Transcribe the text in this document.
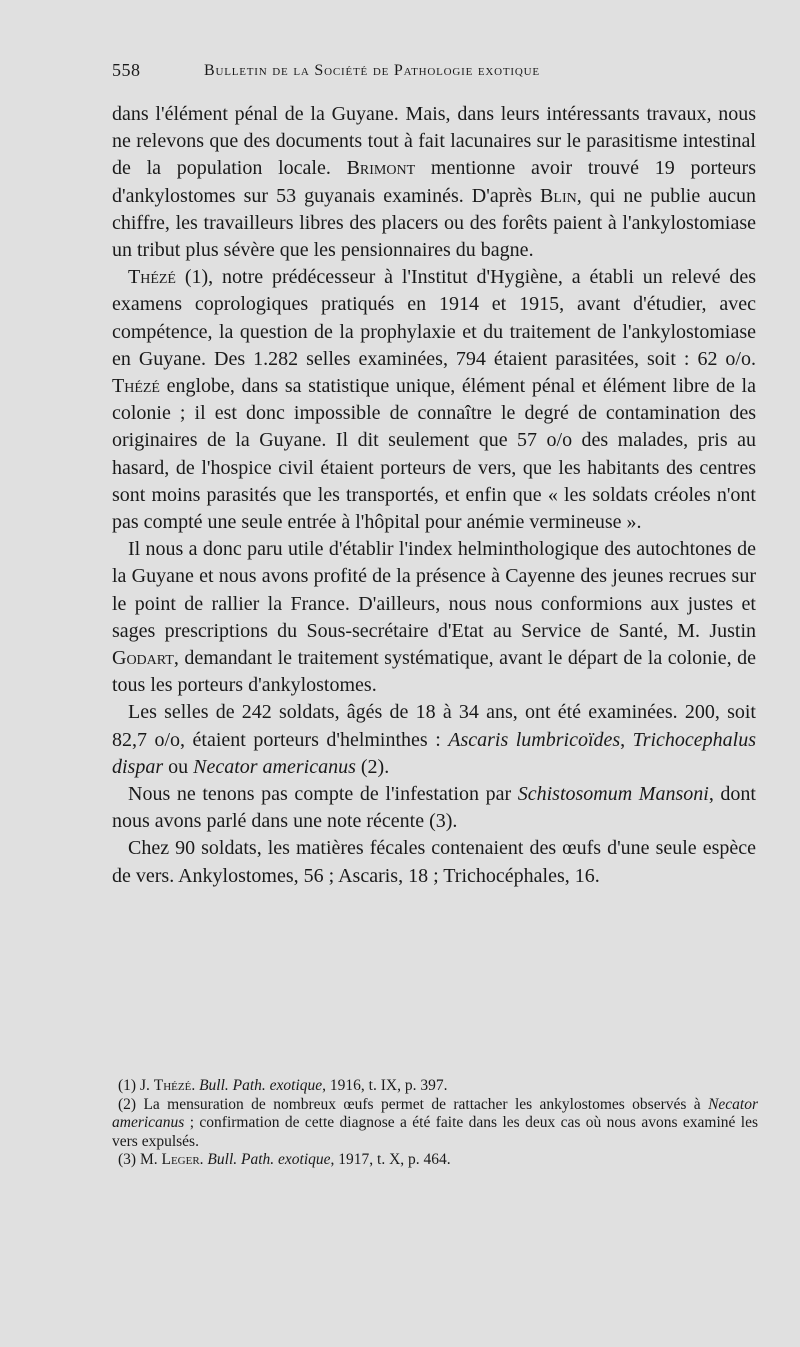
558	Bulletin de la Société de Pathologie exotique

dans l'élément pénal de la Guyane. Mais, dans leurs intéressants travaux, nous ne relevons que des documents tout à fait lacunaires sur le parasitisme intestinal de la population locale. Brimont mentionne avoir trouvé 19 porteurs d'ankylostomes sur 53 guyanais examinés. D'après Blin, qui ne publie aucun chiffre, les travailleurs libres des placers ou des forêts paient à l'ankylostomiase un tribut plus sévère que les pensionnaires du bagne.

Thézé (1), notre prédécesseur à l'Institut d'Hygiène, a établi un relevé des examens coprologiques pratiqués en 1914 et 1915, avant d'étudier, avec compétence, la question de la prophylaxie et du traitement de l'ankylostomiase en Guyane. Des 1.282 selles examinées, 794 étaient parasitées, soit : 62 o/o. Thézé englobe, dans sa statistique unique, élément pénal et élément libre de la colonie ; il est donc impossible de connaître le degré de contamination des originaires de la Guyane. Il dit seulement que 57 o/o des malades, pris au hasard, de l'hospice civil étaient porteurs de vers, que les habitants des centres sont moins parasités que les transportés, et enfin que « les soldats créoles n'ont pas compté une seule entrée à l'hôpital pour anémie vermineuse ».

Il nous a donc paru utile d'établir l'index helminthologique des autochtones de la Guyane et nous avons profité de la présence à Cayenne des jeunes recrues sur le point de rallier la France. D'ailleurs, nous nous conformions aux justes et sages prescriptions du Sous-secrétaire d'Etat au Service de Santé, M. Justin Godart, demandant le traitement systématique, avant le départ de la colonie, de tous les porteurs d'ankylostomes.

Les selles de 242 soldats, âgés de 18 à 34 ans, ont été examinées. 200, soit 82,7 o/o, étaient porteurs d'helminthes : Ascaris lumbricoïdes, Trichocephalus dispar ou Necator americanus (2).

Nous ne tenons pas compte de l'infestation par Schistosomum Mansoni, dont nous avons parlé dans une note récente (3).

Chez 90 soldats, les matières fécales contenaient des œufs d'une seule espèce de vers. Ankylostomes, 56 ; Ascaris, 18 ; Trichocéphales, 16.

(1) J. Thézé. Bull. Path. exotique, 1916, t. IX, p. 397.

(2) La mensuration de nombreux œufs permet de rattacher les ankylostomes observés à Necator americanus ; confirmation de cette diagnose a été faite dans les deux cas où nous avons examiné les vers expulsés.

(3) M. Leger. Bull. Path. exotique, 1917, t. X, p. 464.
